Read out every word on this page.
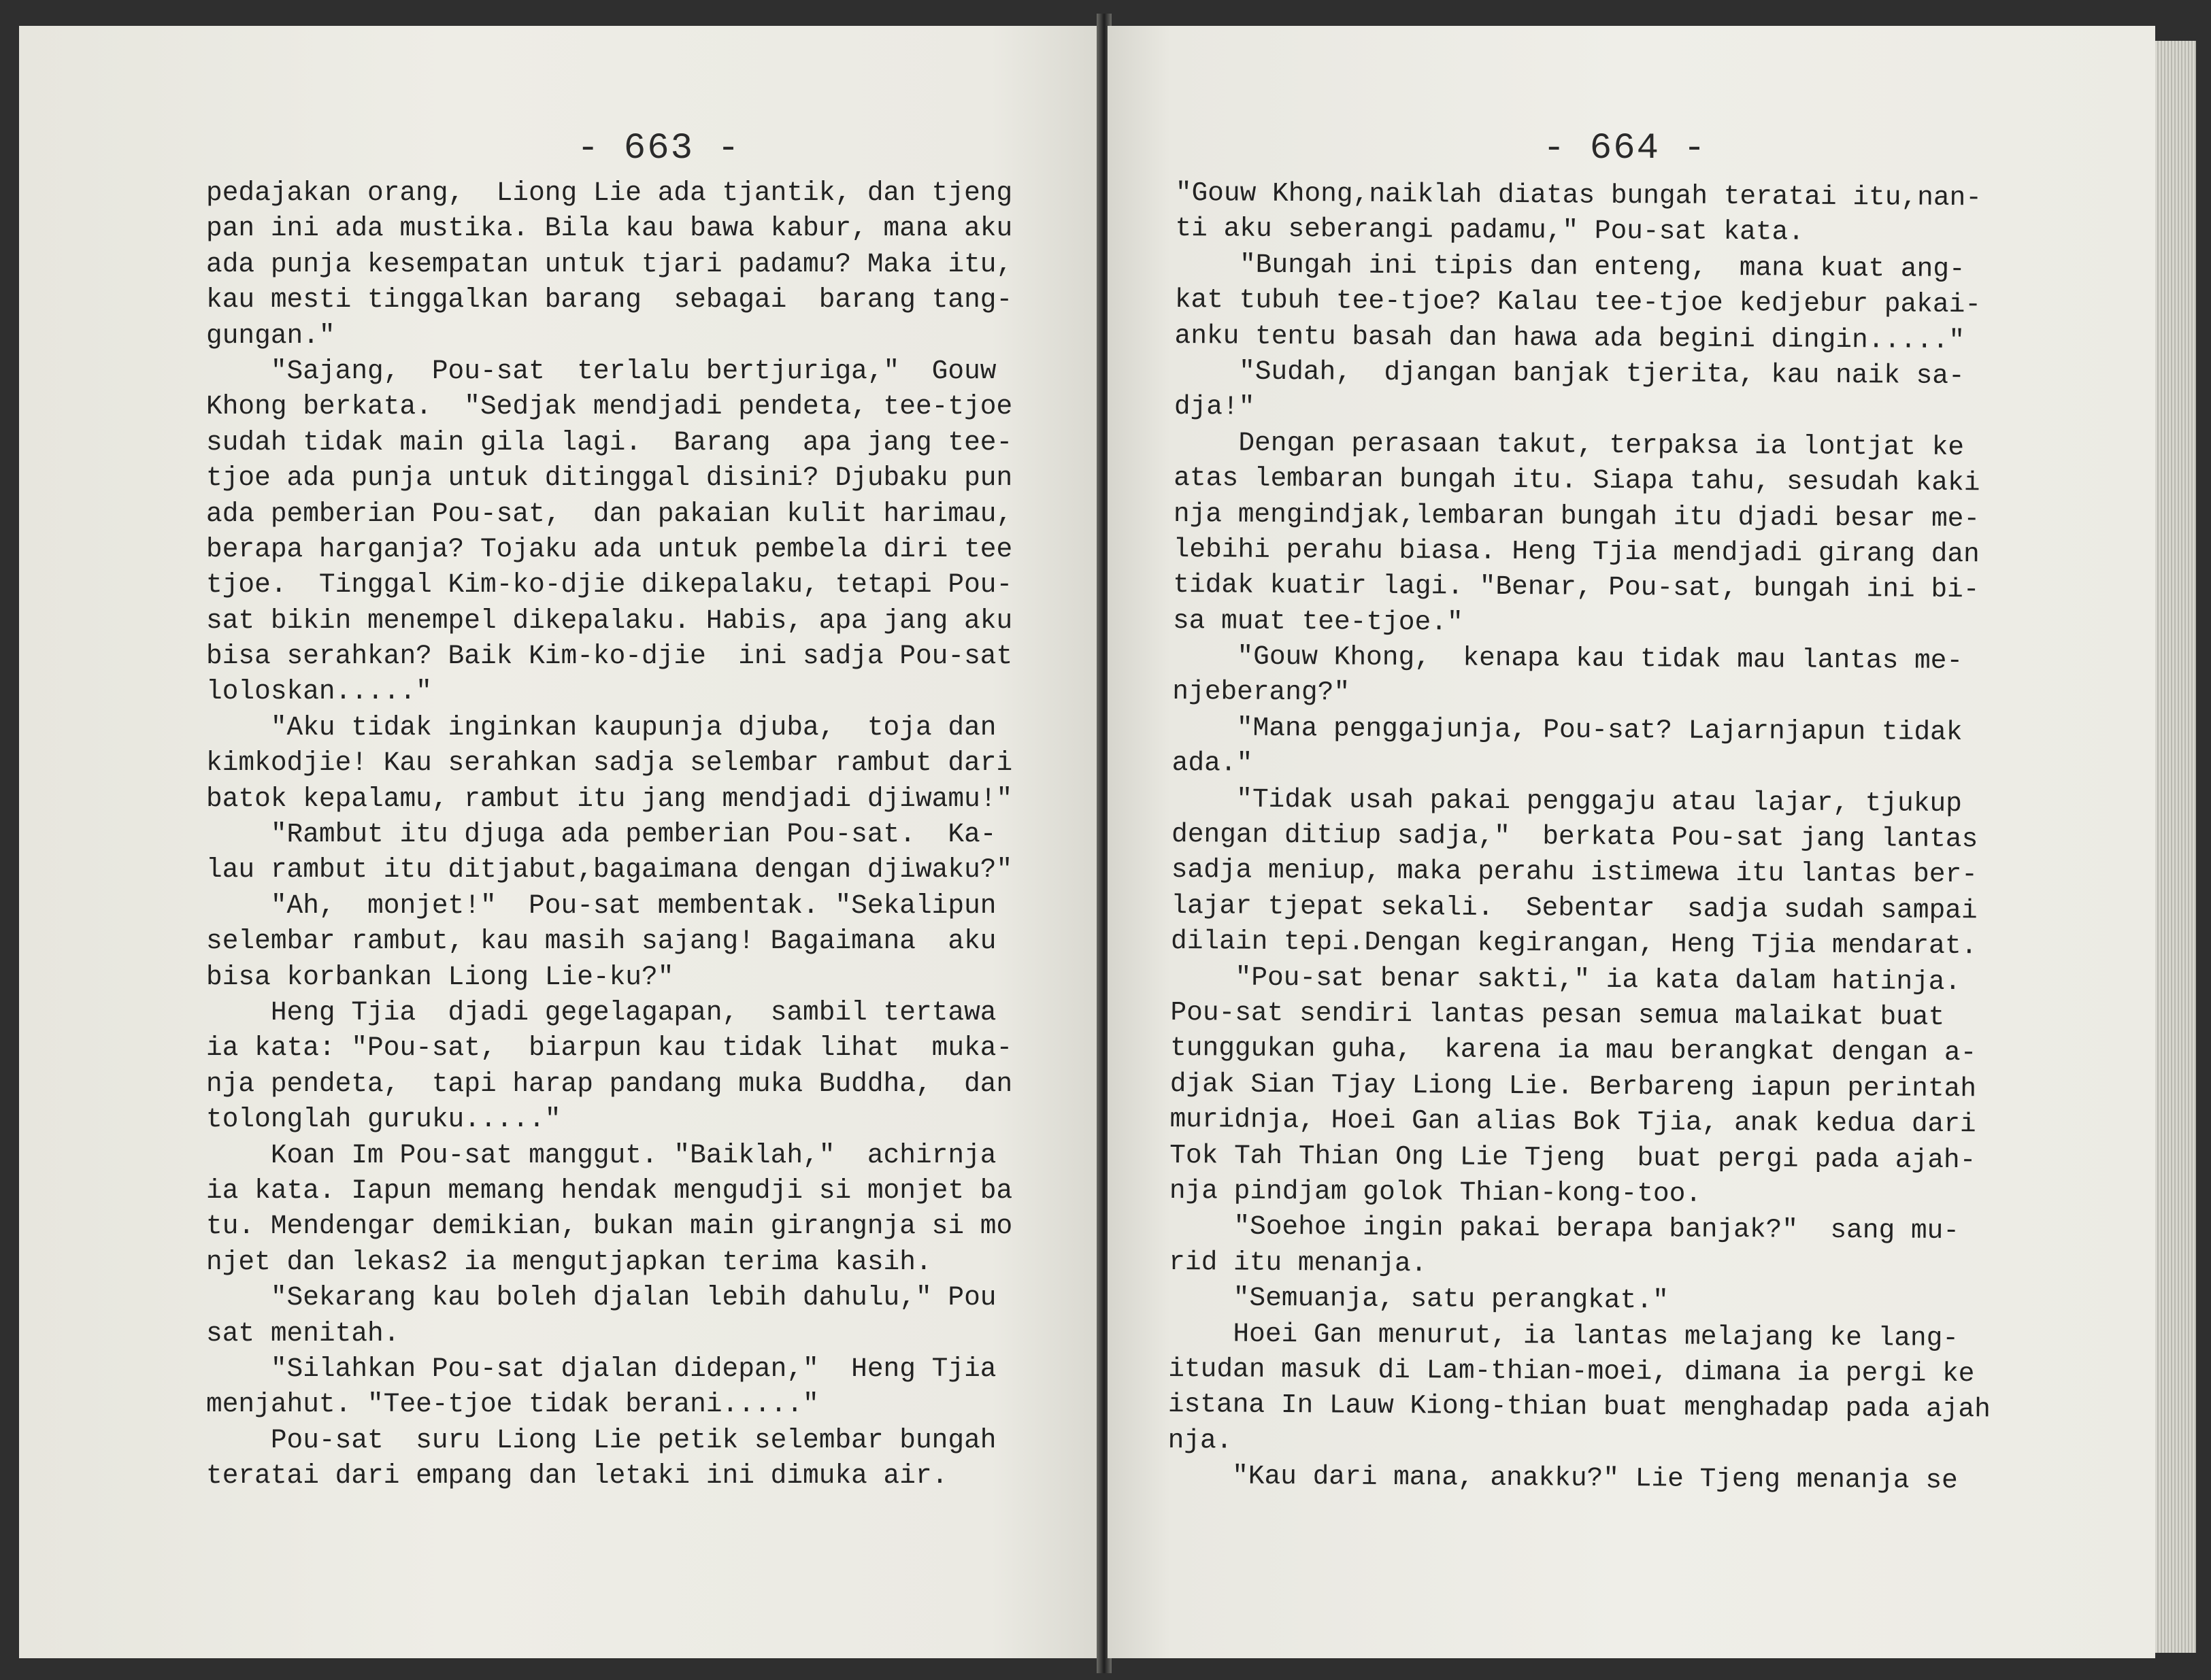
- 663 -
pedajakan orang,  Liong Lie ada tjantik, dan tjeng
pan ini ada mustika. Bila kau bawa kabur, mana aku
ada punja kesempatan untuk tjari padamu? Maka itu,
kau mesti tinggalkan barang  sebagai  barang tang-
gungan."
"Sajang,  Pou-sat  terlalu bertjuriga,"  Gouw
Khong berkata.  "Sedjak mendjadi pendeta, tee-tjoe
sudah tidak main gila lagi.  Barang  apa jang tee-
tjoe ada punja untuk ditinggal disini? Djubaku pun
ada pemberian Pou-sat,  dan pakaian kulit harimau,
berapa harganja? Tojaku ada untuk pembela diri tee
tjoe.  Tinggal Kim-ko-djie dikepalaku, tetapi Pou-
sat bikin menempel dikepalaku. Habis, apa jang aku
bisa serahkan? Baik Kim-ko-djie  ini sadja Pou-sat
loloskan....."
"Aku tidak inginkan kaupunja djuba,  toja dan
kimkodjie! Kau serahkan sadja selembar rambut dari
batok kepalamu, rambut itu jang mendjadi djiwamu!"
"Rambut itu djuga ada pemberian Pou-sat.  Ka-
lau rambut itu ditjabut,bagaimana dengan djiwaku?"
"Ah,  monjet!"  Pou-sat membentak. "Sekalipun
selembar rambut, kau masih sajang! Bagaimana  aku
bisa korbankan Liong Lie-ku?"
Heng Tjia  djadi gegelagapan,  sambil tertawa
ia kata: "Pou-sat,  biarpun kau tidak lihat  muka-
nja pendeta,  tapi harap pandang muka Buddha,  dan
tolonglah guruku....."
Koan Im Pou-sat manggut. "Baiklah,"  achirnja
ia kata. Iapun memang hendak mengudji si monjet ba
tu. Mendengar demikian, bukan main girangnja si mo
njet dan lekas2 ia mengutjapkan terima kasih.
"Sekarang kau boleh djalan lebih dahulu," Pou
sat menitah.
"Silahkan Pou-sat djalan didepan,"  Heng Tjia
menjahut. "Tee-tjoe tidak berani....."
Pou-sat  suru Liong Lie petik selembar bungah
teratai dari empang dan letaki ini dimuka air.
- 664 -
"Gouw Khong,naiklah diatas bungah teratai itu,nan-
ti aku seberangi padamu," Pou-sat kata.
"Bungah ini tipis dan enteng,  mana kuat ang-
kat tubuh tee-tjoe? Kalau tee-tjoe kedjebur pakai-
anku tentu basah dan hawa ada begini dingin....."
"Sudah,  djangan banjak tjerita, kau naik sa-
dja!"
Dengan perasaan takut, terpaksa ia lontjat ke
atas lembaran bungah itu. Siapa tahu, sesudah kaki
nja mengindjak,lembaran bungah itu djadi besar me-
lebihi perahu biasa. Heng Tjia mendjadi girang dan
tidak kuatir lagi. "Benar, Pou-sat, bungah ini bi-
sa muat tee-tjoe."
"Gouw Khong,  kenapa kau tidak mau lantas me-
njeberang?"
"Mana penggajunja, Pou-sat? Lajarnjapun tidak
ada."
"Tidak usah pakai penggaju atau lajar, tjukup
dengan ditiup sadja,"  berkata Pou-sat jang lantas
sadja meniup, maka perahu istimewa itu lantas ber-
lajar tjepat sekali.  Sebentar  sadja sudah sampai
dilain tepi.Dengan kegirangan, Heng Tjia mendarat.
"Pou-sat benar sakti," ia kata dalam hatinja.
Pou-sat sendiri lantas pesan semua malaikat buat
tunggukan guha,  karena ia mau berangkat dengan a-
djak Sian Tjay Liong Lie. Berbareng iapun perintah
muridnja, Hoei Gan alias Bok Tjia, anak kedua dari
Tok Tah Thian Ong Lie Tjeng  buat pergi pada ajah-
nja pindjam golok Thian-kong-too.
"Soehoe ingin pakai berapa banjak?"  sang mu-
rid itu menanja.
"Semuanja, satu perangkat."
Hoei Gan menurut, ia lantas melajang ke lang-
itudan masuk di Lam-thian-moei, dimana ia pergi ke
istana In Lauw Kiong-thian buat menghadap pada ajah
nja.
"Kau dari mana, anakku?" Lie Tjeng menanja se
